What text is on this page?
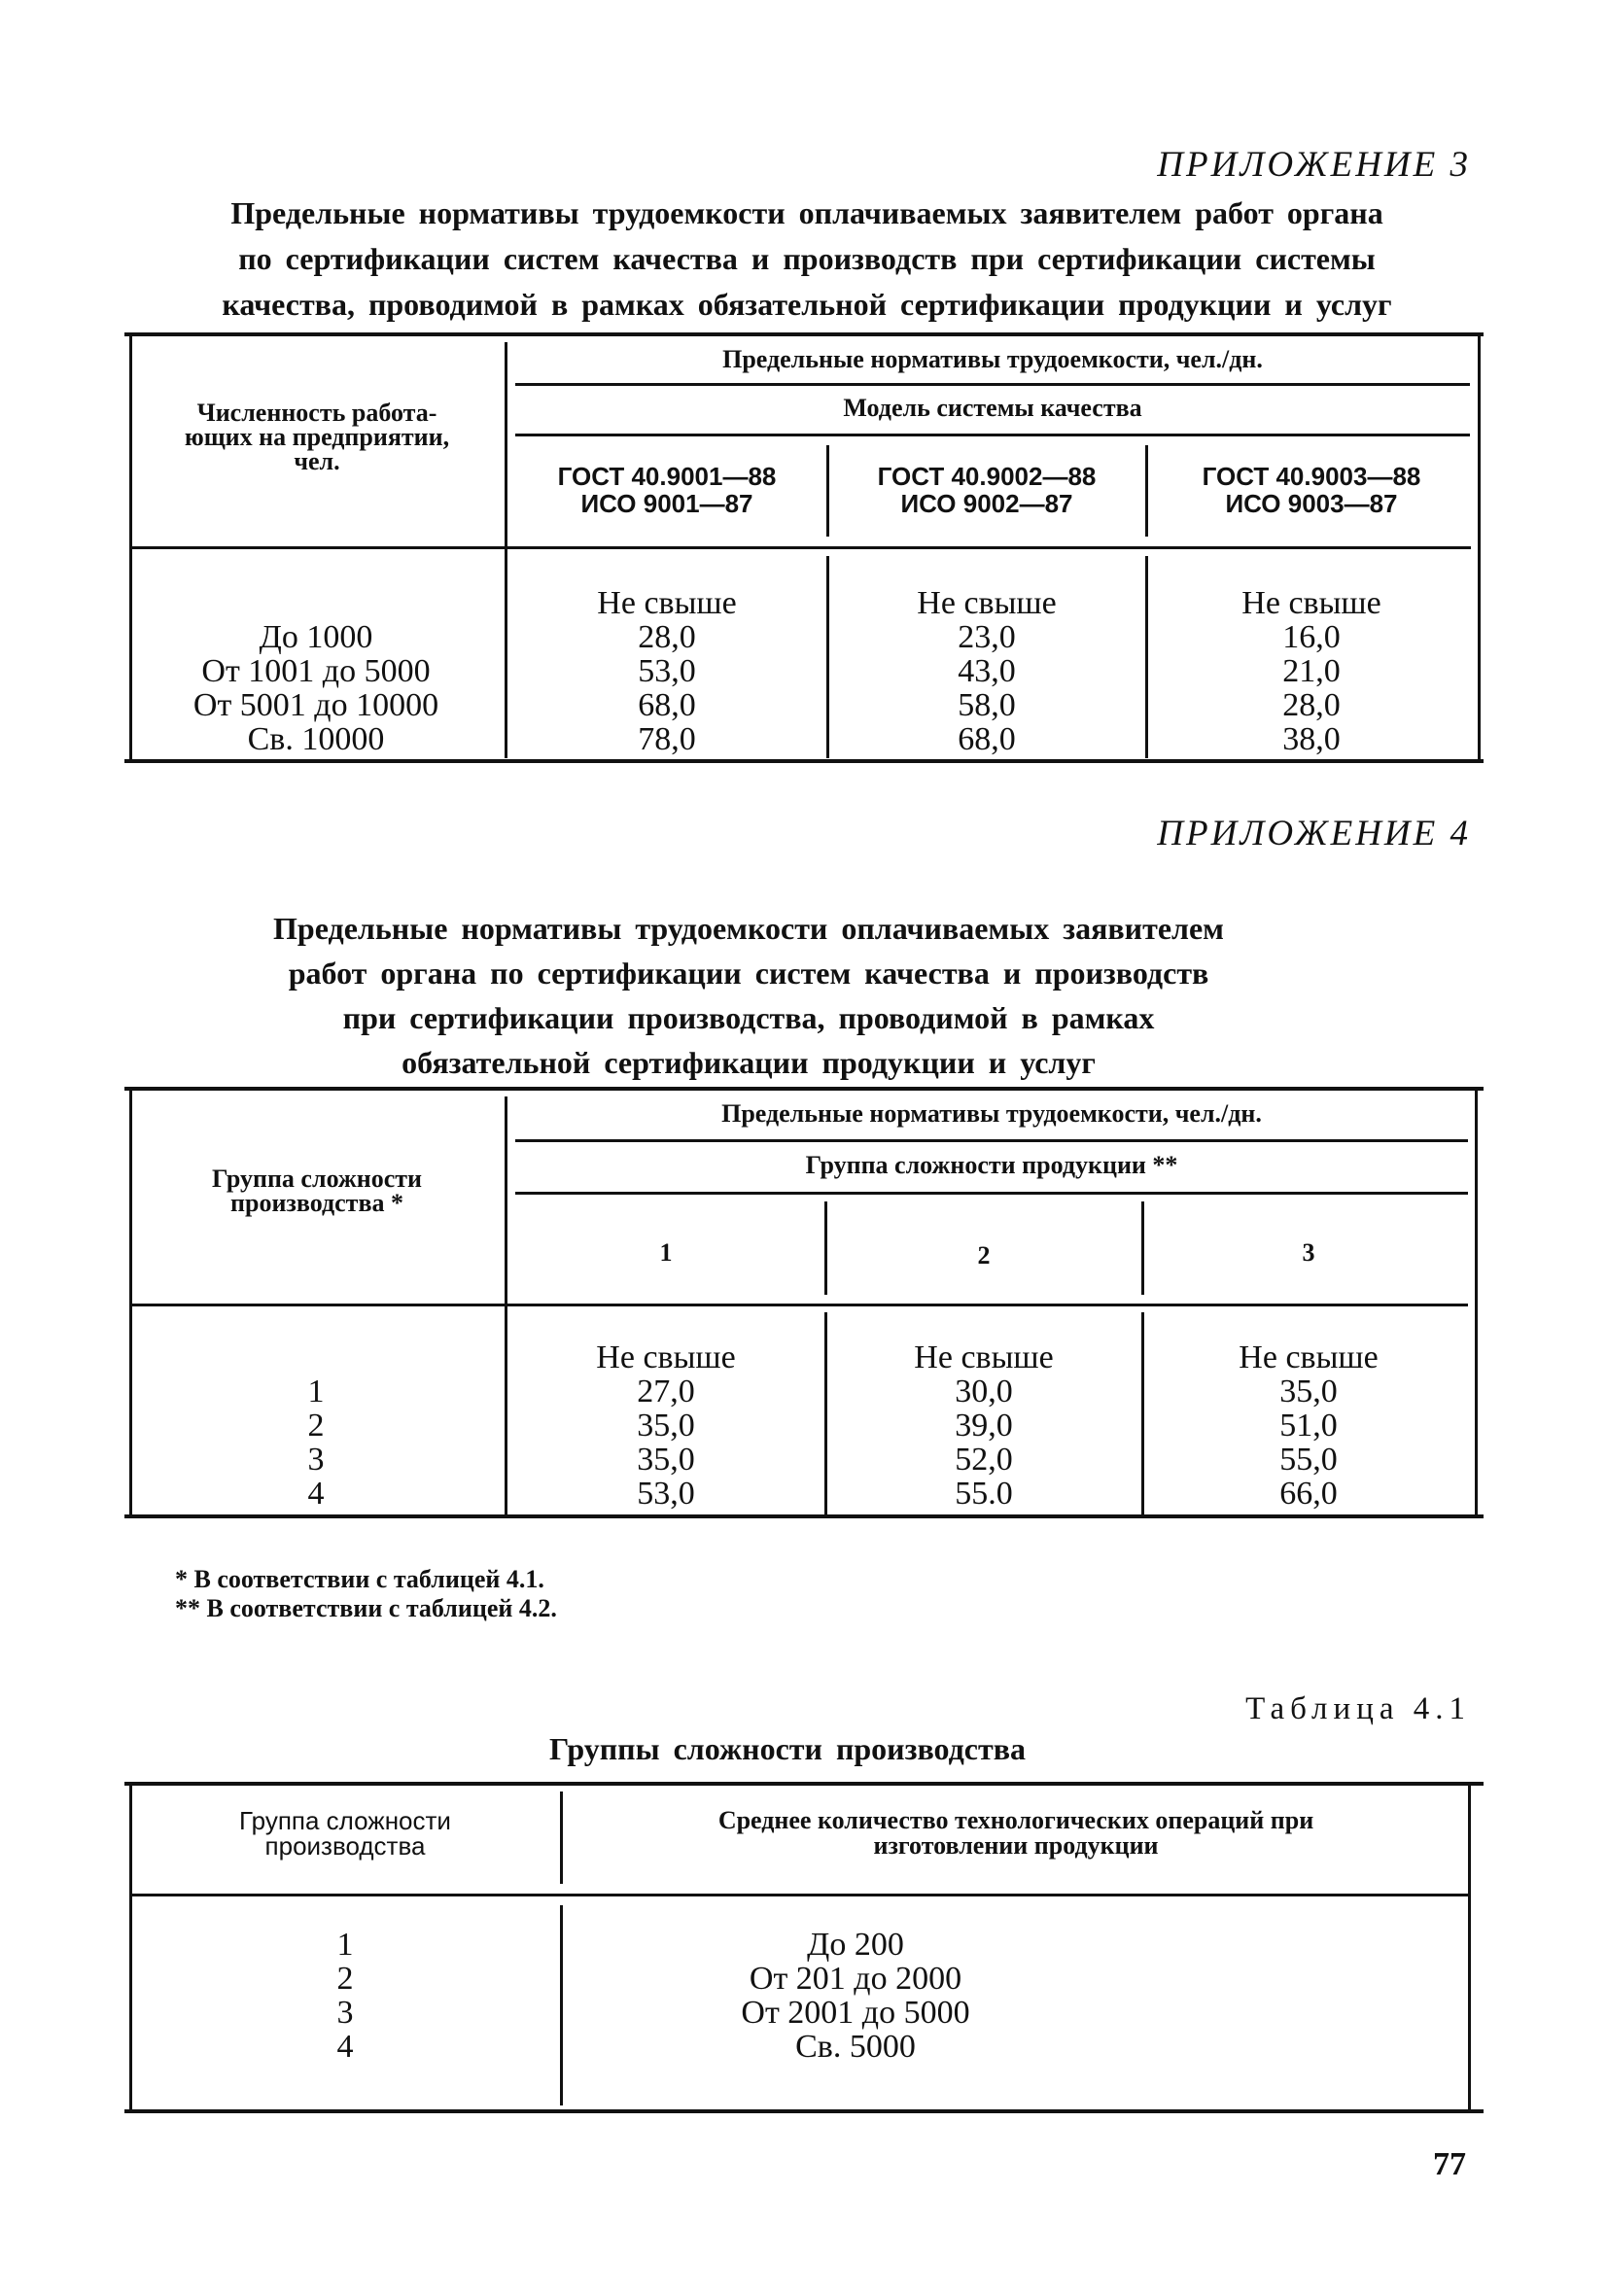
ПРИЛОЖЕНИЕ 3
Предельные нормативы трудоемкости оплачиваемых заявителем работ органа
по сертификации систем качества и производств при сертификации системы
качества, проводимой в рамках обязательной сертификации продукции и услуг
Численность работа-
ющих на предприятии,
чел.
Предельные нормативы трудоемкости, чел./дн.
Модель системы качества
ГОСТ 40.9001—88
ИСО 9001—87
ГОСТ 40.9002—88
ИСО 9002—87
ГОСТ 40.9003—88
ИСО 9003—87
До 1000
От 1001 до 5000
От 5001 до 10000
Св. 10000
Не свыше
28,0
53,0
68,0
78,0
Не свыше
23,0
43,0
58,0
68,0
Не свыше
16,0
21,0
28,0
38,0
ПРИЛОЖЕНИЕ 4
Предельные нормативы трудоемкости оплачиваемых заявителем
работ органа по сертификации систем качества и производств
при сертификации производства, проводимой в рамках
обязательной сертификации продукции и услуг
Группа сложности
производства *
Предельные нормативы трудоемкости, чел./дн.
Группа сложности продукции **
1	2	3
1
2
3
4
Не свыше
27,0
35,0
35,0
53,0
Не свыше
30,0
39,0
52,0
55.0
Не свыше
35,0
51,0
55,0
66,0
* В соответствии с таблицей 4.1.
** В соответствии с таблицей 4.2.
Таблица 4.1
Группы сложности производства
Группа сложности
производства
Среднее количество технологических операций при
изготовлении продукции
1
2
3
4
До 200
От 201 до 2000
От 2001 до 5000
Св. 5000
77
